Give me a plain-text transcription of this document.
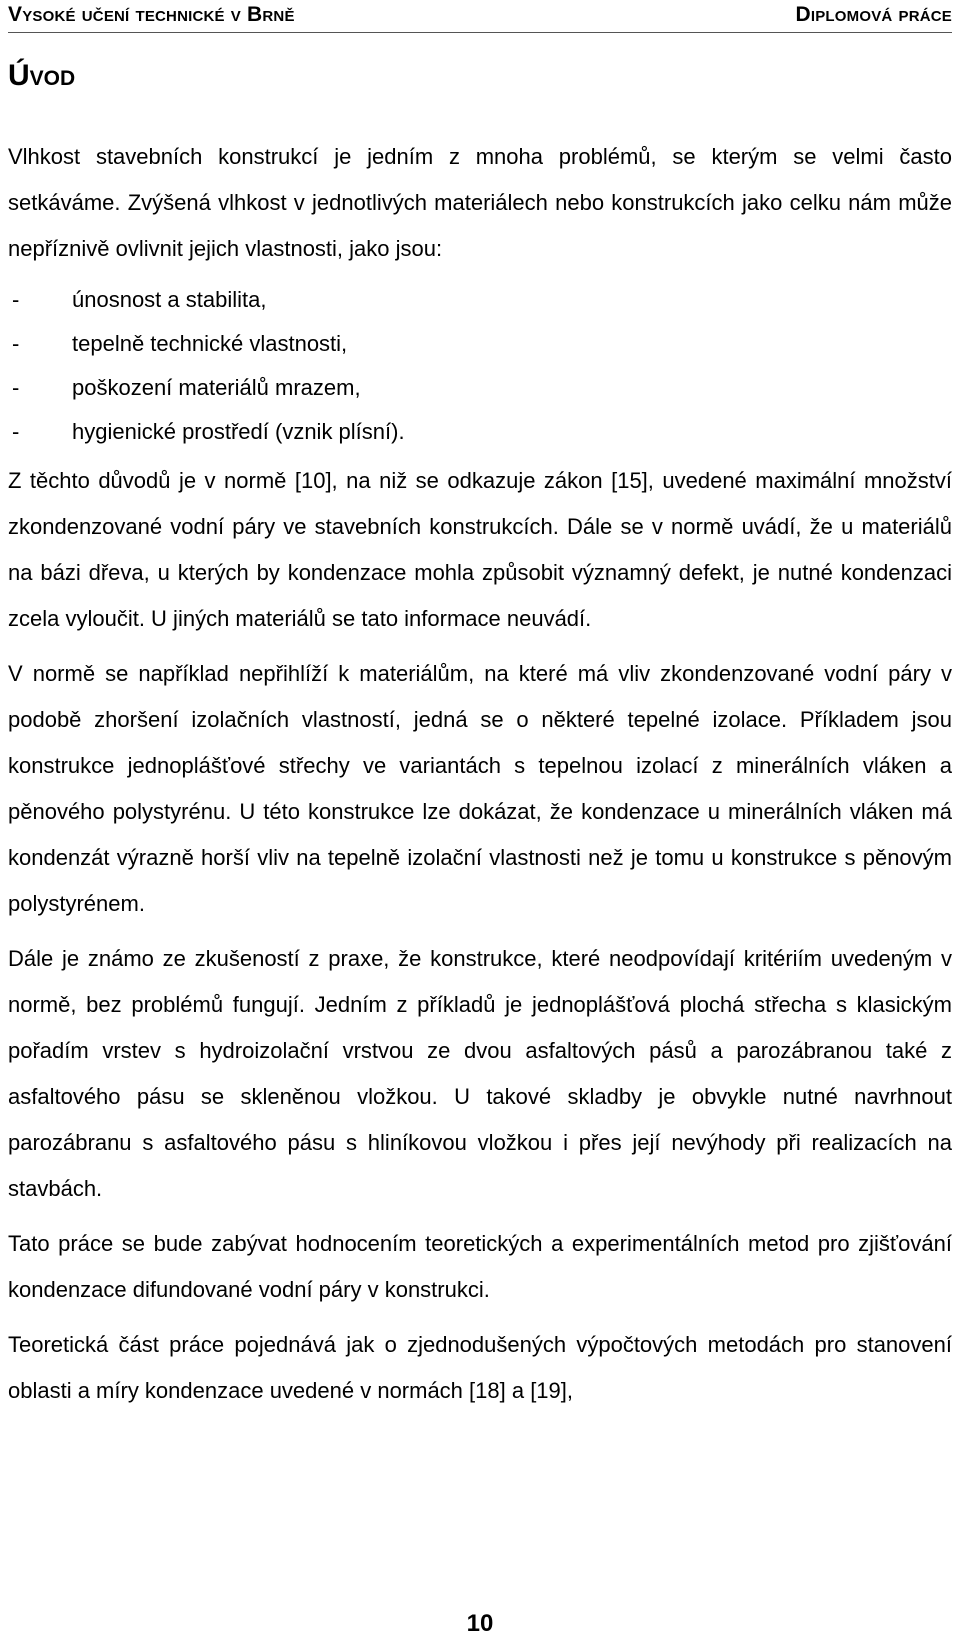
Vysoké učení technické v Brně	Diplomová práce
Úvod

Vlhkost stavebních konstrukcí je jedním z mnoha problémů, se kterým se velmi často setkáváme. Zvýšená vlhkost v jednotlivých materiálech nebo konstrukcích jako celku nám může nepříznivě ovlivnit jejich vlastnosti, jako jsou:

- únosnost a stabilita,
- tepelně technické vlastnosti,
- poškození materiálů mrazem,
- hygienické prostředí (vznik plísní).

Z těchto důvodů je v normě [10], na niž se odkazuje zákon [15], uvedené maximální množství zkondenzované vodní páry ve stavebních konstrukcích. Dále se v normě uvádí, že u materiálů na bázi dřeva, u kterých by kondenzace mohla způsobit významný defekt, je nutné kondenzaci zcela vyloučit. U jiných materiálů se tato informace neuvádí.

V normě se například nepřihlíží k materiálům, na které má vliv zkondenzované vodní páry v podobě zhoršení izolačních vlastností, jedná se o některé tepelné izolace. Příkladem jsou konstrukce jednoplášťové střechy ve variantách s tepelnou izolací z minerálních vláken a pěnového polystyrénu. U této konstrukce lze dokázat, že kondenzace u minerálních vláken má kondenzát výrazně horší vliv na tepelně izolační vlastnosti než je tomu u konstrukce s pěnovým polystyrénem.

Dále je známo ze zkušeností z praxe, že konstrukce, které neodpovídají kritériím uvedeným v normě, bez problémů fungují. Jedním z příkladů je jednoplášťová plochá střecha s klasickým pořadím vrstev s hydroizolační vrstvou ze dvou asfaltových pásů a parozábranou také z asfaltového pásu se skleněnou vložkou. U takové skladby je obvykle nutné navrhnout parozábranu s asfaltového pásu s hliníkovou vložkou i přes její nevýhody při realizacích na stavbách.

Tato práce se bude zabývat hodnocením teoretických a experimentálních metod pro zjišťování kondenzace difundované vodní páry v konstrukci.

Teoretická část práce pojednává jak o zjednodušených výpočtových metodách pro stanovení oblasti a míry kondenzace uvedené v normách [18] a [19],

10
